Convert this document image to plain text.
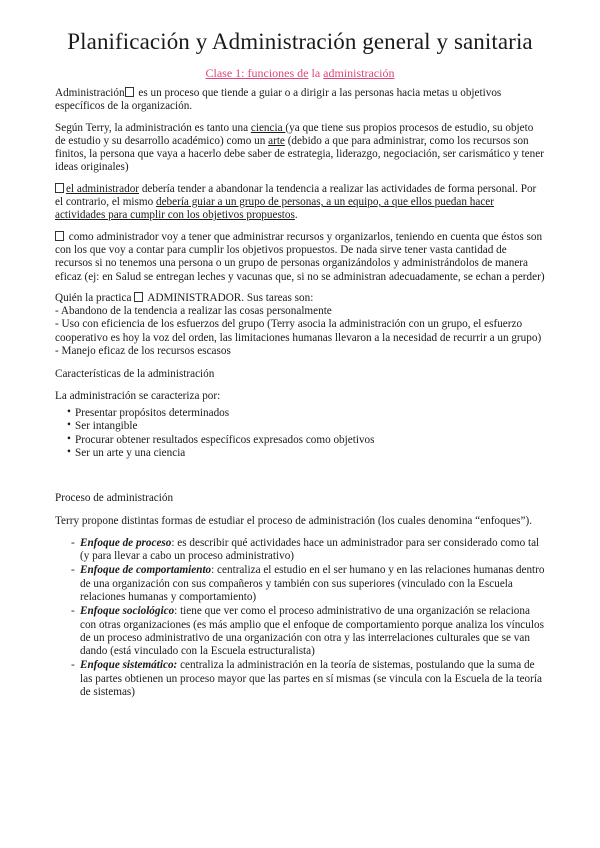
Planificación y Administración general y sanitaria
Clase 1: funciones de la administración

Administración es un proceso que tiende a guiar o a dirigir a las personas hacia metas u objetivos específicos de la organización.

Según Terry, la administración es tanto una ciencia (ya que tiene sus propios procesos de estudio, su objeto de estudio y su desarrollo académico) como un arte (debido a que para administrar, como los recursos son finitos, la persona que vaya a hacerlo debe saber de estrategia, liderazgo, negociación, ser carismático y tener ideas originales)

el administrador debería tender a abandonar la tendencia a realizar las actividades de forma personal. Por el contrario, el mismo debería guiar a un grupo de personas, a un equipo, a que ellos puedan hacer actividades para cumplir con los objetivos propuestos.

como administrador voy a tener que administrar recursos y organizarlos, teniendo en cuenta que éstos son con los que voy a contar para cumplir los objetivos propuestos. De nada sirve tener vasta cantidad de recursos si no tenemos una persona o un grupo de personas organizándolos y administrándolos de manera eficaz (ej: en Salud se entregan leches y vacunas que, si no se administran adecuadamente, se echan a perder)

Quién la practica  ADMINISTRADOR. Sus tareas son:
- Abandono de la tendencia a realizar las cosas personalmente
- Uso con eficiencia de los esfuerzos del grupo (Terry asocia la administración con un grupo, el esfuerzo cooperativo es hoy la voz del orden, las limitaciones humanas llevaron a la necesidad de recurrir a un grupo)
- Manejo eficaz de los recursos escasos

Características de la administración

La administración se caracteriza por:

• Presentar propósitos determinados
• Ser intangible
• Procurar obtener resultados específicos expresados como objetivos
• Ser un arte y una ciencia

Proceso de administración

Terry propone distintas formas de estudiar el proceso de administración (los cuales denomina “enfoques”).

- Enfoque de proceso: es describir qué actividades hace un administrador para ser considerado como tal (y para llevar a cabo un proceso administrativo)
- Enfoque de comportamiento: centraliza el estudio en el ser humano y en las relaciones humanas dentro de una organización con sus compañeros y también con sus superiores (vinculado con la Escuela relaciones humanas y comportamiento)
- Enfoque sociológico: tiene que ver como el proceso administrativo de una organización se relaciona con otras organizaciones (es más amplio que el enfoque de comportamiento porque analiza los vínculos de un proceso administrativo de una organización con otra y las interrelaciones culturales que se van dando (está vinculado con la Escuela estructuralista)
- Enfoque sistemático: centraliza la administración en la teoría de sistemas, postulando que la suma de las partes obtienen un proceso mayor que las partes en sí mismas (se vincula con la Escuela de la teoría de sistemas)
